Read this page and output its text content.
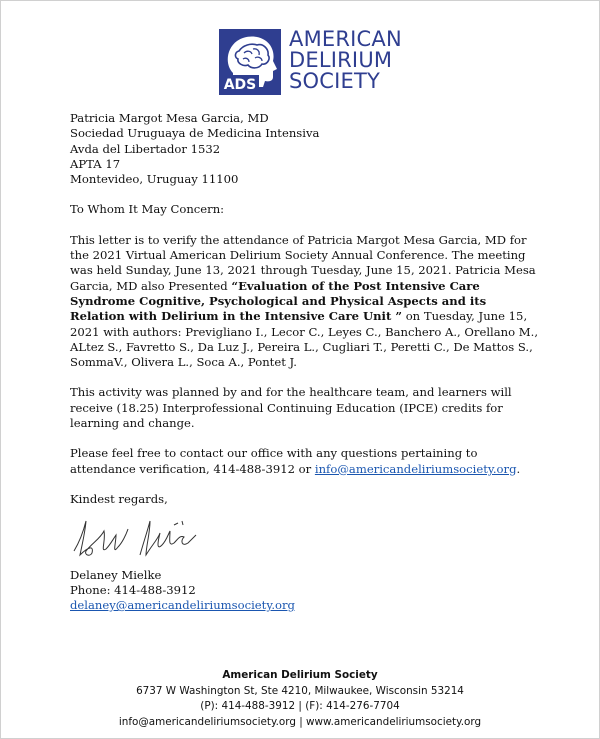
ADS
AMERICAN
DELIRIUM
SOCIETY
Patricia Margot Mesa Garcia, MD
Sociedad Uruguaya de Medicina Intensiva
Avda del Libertador 1532
APTA 17
Montevideo, Uruguay 11100
To Whom It May Concern:
This letter is to verify the attendance of Patricia Margot Mesa Garcia, MD for the 2021 Virtual American Delirium Society Annual Conference. The meeting was held Sunday, June 13, 2021 through Tuesday, June 15, 2021. Patricia Mesa Garcia, MD also Presented “Evaluation of the Post Intensive Care Syndrome Cognitive, Psychological and Physical Aspects and its Relation with Delirium in the Intensive Care Unit ” on Tuesday, June 15, 2021 with authors: Previgliano I., Lecor C., Leyes C., Banchero A., Orellano M., ALtez S., Favretto S., Da Luz J., Pereira L., Cugliari T., Peretti C., De Mattos S., SommaV., Olivera L., Soca A., Pontet J.
This activity was planned by and for the healthcare team, and learners will receive (18.25) Interprofessional Continuing Education (IPCE) credits for learning and change.
Please feel free to contact our office with any questions pertaining to attendance verification, 414-488-3912 or info@americandeliriumsociety.org.
Kindest regards,
Delaney Mielke
Phone: 414-488-3912
delaney@americandeliriumsociety.org
American Delirium Society
6737 W Washington St, Ste 4210, Milwaukee, Wisconsin 53214
(P): 414-488-3912 | (F): 414-276-7704
info@americandeliriumsociety.org | www.americandeliriumsociety.org
